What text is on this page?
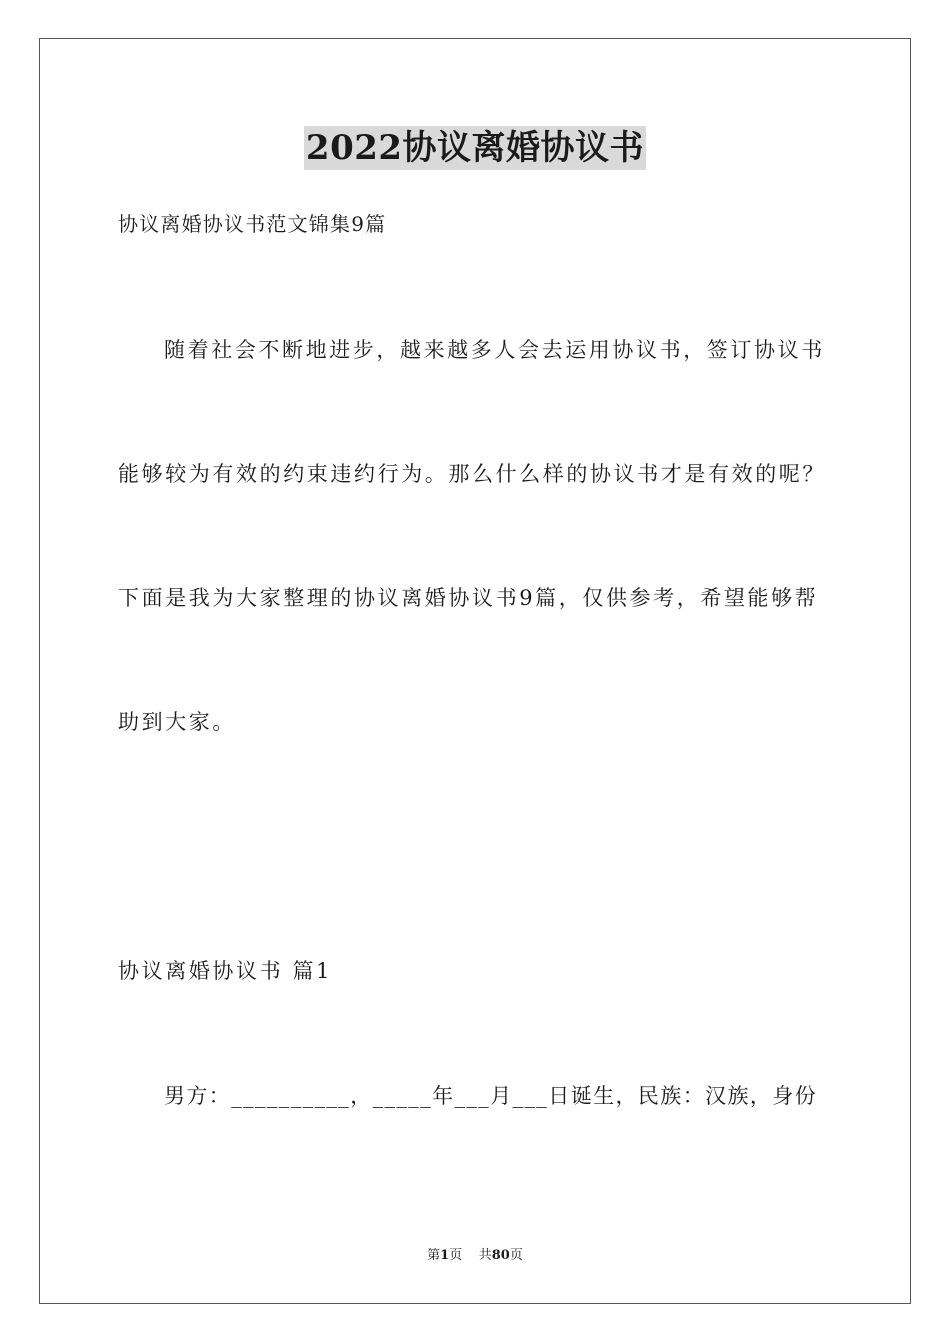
2022协议离婚协议书
协议离婚协议书范文锦集9篇
随着社会不断地进步，越来越多人会去运用协议书，签订协议书
能够较为有效的约束违约行为。那么什么样的协议书才是有效的呢？
下面是我为大家整理的协议离婚协议书9篇，仅供参考，希望能够帮
助到大家。
协议离婚协议书 篇1
男方：__________，_____年___月___日诞生，民族：汉族，身份
第1页    共80页
